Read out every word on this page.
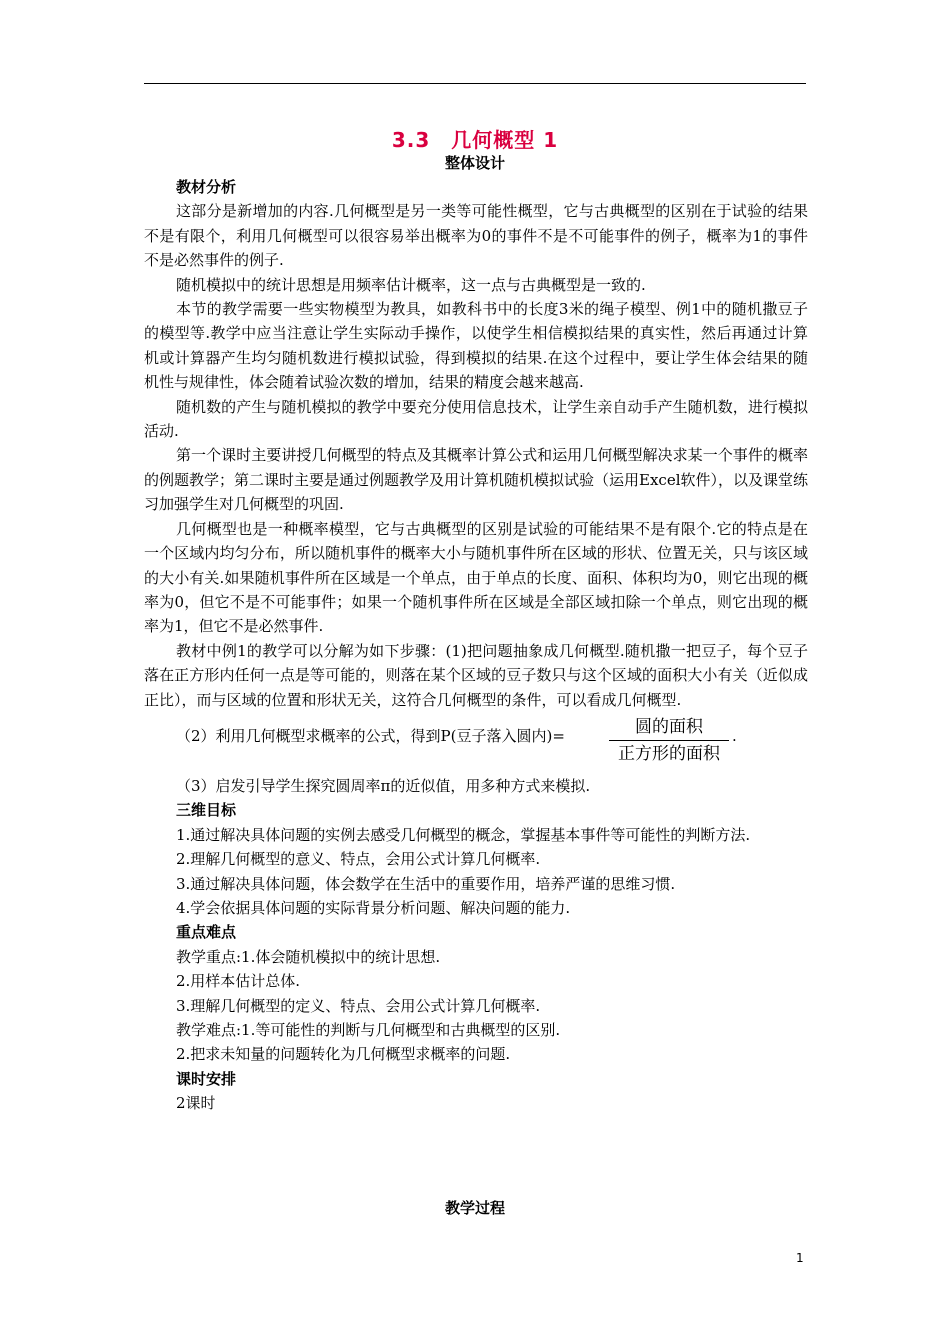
3.3　几何概型 1
整体设计

教材分析

这部分是新增加的内容.几何概型是另一类等可能性概型，它与古典概型的区别在于试验的结果不是有限个，利用几何概型可以很容易举出概率为0的事件不是不可能事件的例子，概率为1的事件不是必然事件的例子.

随机模拟中的统计思想是用频率估计概率，这一点与古典概型是一致的.

本节的教学需要一些实物模型为教具，如教科书中的长度3米的绳子模型、例1中的随机撒豆子的模型等.教学中应当注意让学生实际动手操作，以使学生相信模拟结果的真实性，然后再通过计算机或计算器产生均匀随机数进行模拟试验，得到模拟的结果.在这个过程中，要让学生体会结果的随机性与规律性，体会随着试验次数的增加，结果的精度会越来越高.

随机数的产生与随机模拟的教学中要充分使用信息技术，让学生亲自动手产生随机数，进行模拟活动.

第一个课时主要讲授几何概型的特点及其概率计算公式和运用几何概型解决求某一个事件的概率的例题教学；第二课时主要是通过例题教学及用计算机随机模拟试验（运用Excel软件），以及课堂练习加强学生对几何概型的巩固.

几何概型也是一种概率模型，它与古典概型的区别是试验的可能结果不是有限个.它的特点是在一个区域内均匀分布，所以随机事件的概率大小与随机事件所在区域的形状、位置无关，只与该区域的大小有关.如果随机事件所在区域是一个单点，由于单点的长度、面积、体积均为0，则它出现的概率为0，但它不是不可能事件；如果一个随机事件所在区域是全部区域扣除一个单点，则它出现的概率为1，但它不是必然事件.

教材中例1的教学可以分解为如下步骤：(1)把问题抽象成几何概型.随机撒一把豆子，每个豆子落在正方形内任何一点是等可能的，则落在某个区域的豆子数只与这个区域的面积大小有关（近似成正比），而与区域的位置和形状无关，这符合几何概型的条件，可以看成几何概型.

（2）利用几何概型求概率的公式，得到P(豆子落入圆内)=	圆的面积
正方形的面积
.

（3）启发引导学生探究圆周率π的近似值，用多种方式来模拟.

三维目标

1.通过解决具体问题的实例去感受几何概型的概念，掌握基本事件等可能性的判断方法.

2.理解几何概型的意义、特点，会用公式计算几何概率.

3.通过解决具体问题，体会数学在生活中的重要作用，培养严谨的思维习惯.

4.学会依据具体问题的实际背景分析问题、解决问题的能力.

重点难点

教学重点:1.体会随机模拟中的统计思想.

2.用样本估计总体.

3.理解几何概型的定义、特点、会用公式计算几何概率.

教学难点:1.等可能性的判断与几何概型和古典概型的区别.

2.把求未知量的问题转化为几何概型求概率的问题.

课时安排

2课时

教学过程
1
